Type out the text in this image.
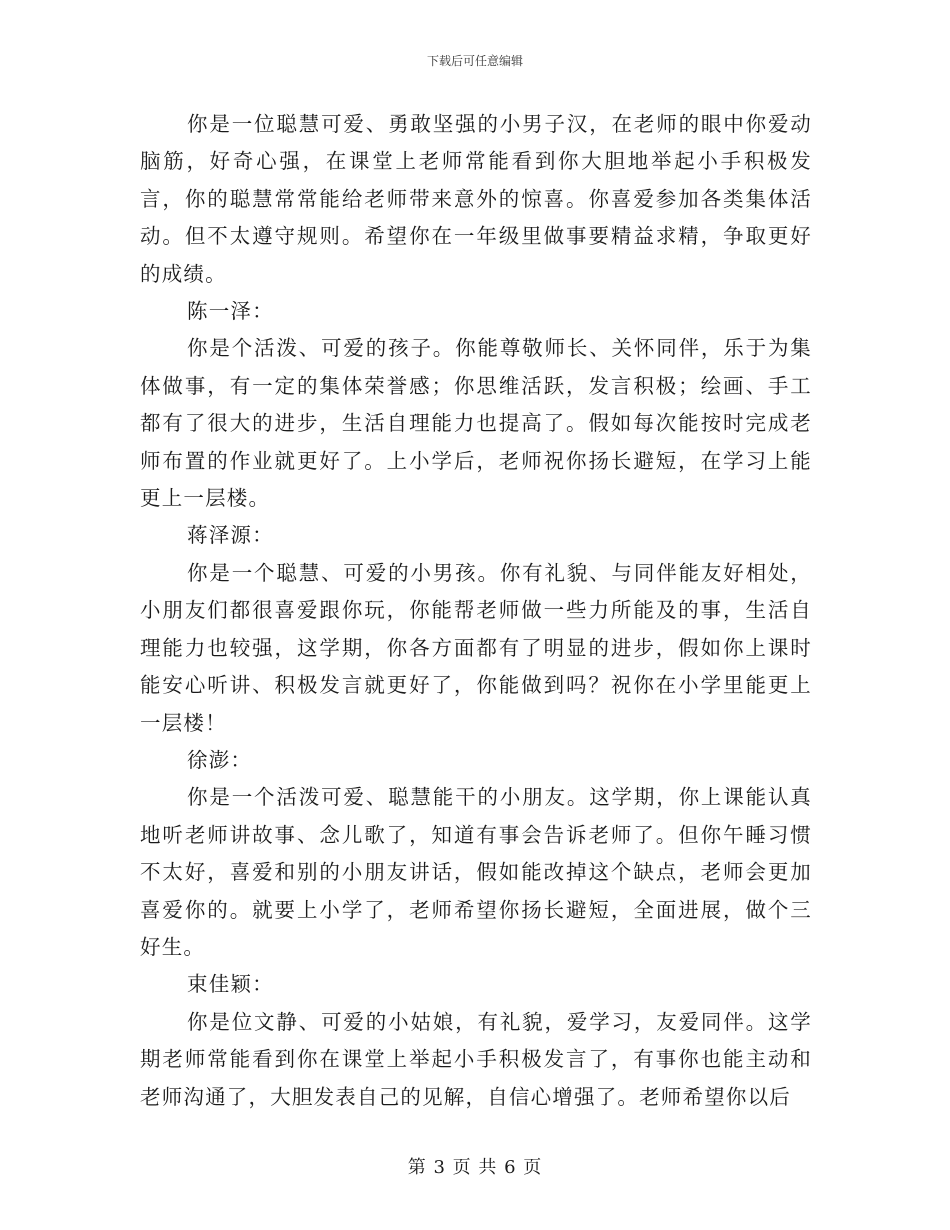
下载后可任意编辑

你是一位聪慧可爱、勇敢坚强的小男子汉，在老师的眼中你爱动脑筋，好奇心强，在课堂上老师常能看到你大胆地举起小手积极发言，你的聪慧常常能给老师带来意外的惊喜。你喜爱参加各类集体活动。但不太遵守规则。希望你在一年级里做事要精益求精，争取更好的成绩。

陈一泽：

你是个活泼、可爱的孩子。你能尊敬师长、关怀同伴，乐于为集体做事，有一定的集体荣誉感；你思维活跃，发言积极；绘画、手工都有了很大的进步，生活自理能力也提高了。假如每次能按时完成老师布置的作业就更好了。上小学后，老师祝你扬长避短，在学习上能更上一层楼。

蒋泽源：

你是一个聪慧、可爱的小男孩。你有礼貌、与同伴能友好相处，小朋友们都很喜爱跟你玩，你能帮老师做一些力所能及的事，生活自理能力也较强，这学期，你各方面都有了明显的进步，假如你上课时能安心听讲、积极发言就更好了，你能做到吗？祝你在小学里能更上一层楼！

徐澎：

你是一个活泼可爱、聪慧能干的小朋友。这学期，你上课能认真地听老师讲故事、念儿歌了，知道有事会告诉老师了。但你午睡习惯不太好，喜爱和别的小朋友讲话，假如能改掉这个缺点，老师会更加喜爱你的。就要上小学了，老师希望你扬长避短，全面进展，做个三好生。

束佳颖：

你是位文静、可爱的小姑娘，有礼貌，爱学习，友爱同伴。这学期老师常能看到你在课堂上举起小手积极发言了，有事你也能主动和老师沟通了，大胆发表自己的见解，自信心增强了。老师希望你以后

第 3 页 共 6 页
